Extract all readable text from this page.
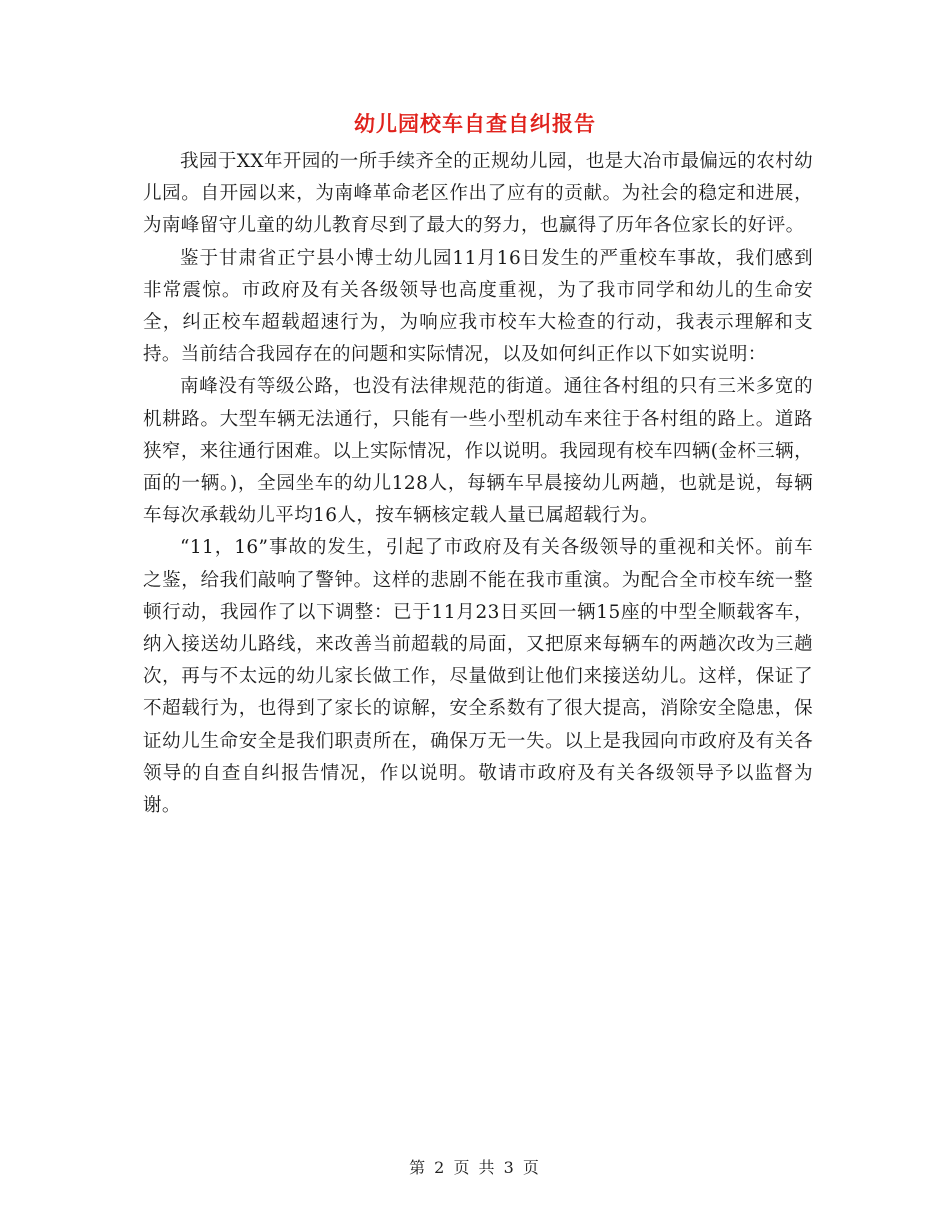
幼儿园校车自查自纠报告

我园于XX年开园的一所手续齐全的正规幼儿园，也是大冶市最偏远的农村幼儿园。自开园以来，为南峰革命老区作出了应有的贡献。为社会的稳定和进展，为南峰留守儿童的幼儿教育尽到了最大的努力，也赢得了历年各位家长的好评。

鉴于甘肃省正宁县小博士幼儿园11月16日发生的严重校车事故，我们感到非常震惊。市政府及有关各级领导也高度重视，为了我市同学和幼儿的生命安全，纠正校车超载超速行为，为响应我市校车大检查的行动，我表示理解和支持。当前结合我园存在的问题和实际情况，以及如何纠正作以下如实说明：

南峰没有等级公路，也没有法律规范的街道。通往各村组的只有三米多宽的机耕路。大型车辆无法通行，只能有一些小型机动车来往于各村组的路上。道路狭窄，来往通行困难。以上实际情况，作以说明。我园现有校车四辆(金杯三辆，面的一辆。)，全园坐车的幼儿128人，每辆车早晨接幼儿两趟，也就是说，每辆车每次承载幼儿平均16人，按车辆核定载人量已属超载行为。

“11，16”事故的发生，引起了市政府及有关各级领导的重视和关怀。前车之鉴，给我们敲响了警钟。这样的悲剧不能在我市重演。为配合全市校车统一整顿行动，我园作了以下调整：已于11月23日买回一辆15座的中型全顺载客车，纳入接送幼儿路线，来改善当前超载的局面，又把原来每辆车的两趟次改为三趟次，再与不太远的幼儿家长做工作，尽量做到让他们来接送幼儿。这样，保证了不超载行为，也得到了家长的谅解，安全系数有了很大提高，消除安全隐患，保证幼儿生命安全是我们职责所在，确保万无一失。以上是我园向市政府及有关各领导的自查自纠报告情况，作以说明。敬请市政府及有关各级领导予以监督为谢。

第 2 页 共 3 页
